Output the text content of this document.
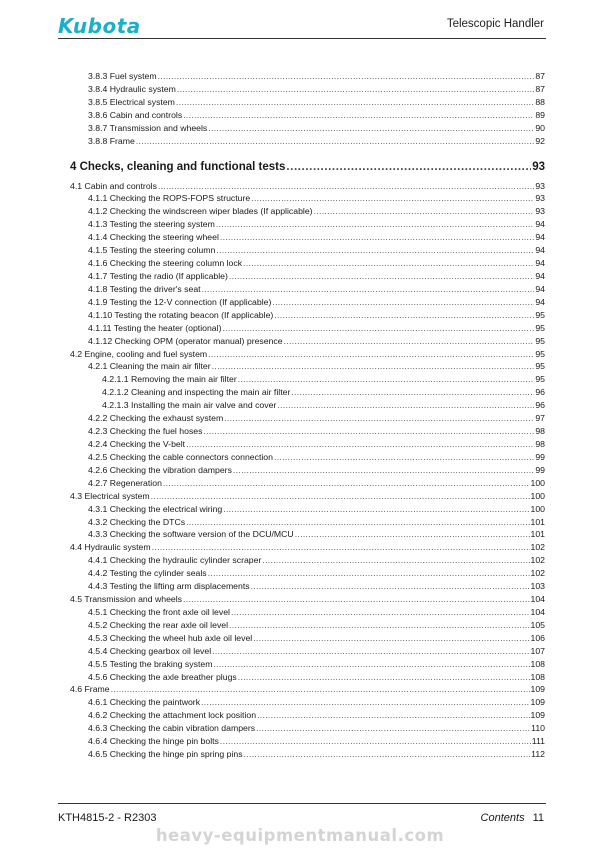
Kubota	Telescopic Handler
3.8.3 Fuel system .....	87
3.8.4 Hydraulic system .....	87
3.8.5 Electrical system .....	88
3.8.6 Cabin and controls .....	89
3.8.7 Transmission and wheels .....	90
3.8.8 Frame .....	92
4 Checks, cleaning and functional tests .....	93
4.1 Cabin and controls .....	93
4.1.1 Checking the ROPS-FOPS structure .....	93
4.1.2 Checking the windscreen wiper blades (If applicable) .....	93
4.1.3 Testing the steering system .....	94
4.1.4 Checking the steering wheel .....	94
4.1.5 Testing the steering column .....	94
4.1.6 Checking the steering column lock .....	94
4.1.7 Testing the radio (If applicable) .....	94
4.1.8 Testing the driver's seat .....	94
4.1.9 Testing the 12-V connection (If applicable) .....	94
4.1.10 Testing the rotating beacon (If applicable) .....	95
4.1.11 Testing the heater (optional) .....	95
4.1.12 Checking OPM (operator manual) presence .....	95
4.2 Engine, cooling and fuel system .....	95
4.2.1 Cleaning the main air filter .....	95
4.2.1.1 Removing the main air filter .....	95
4.2.1.2 Cleaning and inspecting the main air filter .....	96
4.2.1.3 Installing the main air valve and cover .....	96
4.2.2 Checking the exhaust system .....	97
4.2.3 Checking the fuel hoses .....	98
4.2.4 Checking the V-belt .....	98
4.2.5 Checking the cable connectors connection .....	99
4.2.6 Checking the vibration dampers .....	99
4.2.7 Regeneration .....	100
4.3 Electrical system .....	100
4.3.1 Checking the electrical wiring .....	100
4.3.2 Checking the DTCs .....	101
4.3.3 Checking the software version of the DCU/MCU .....	101
4.4 Hydraulic system .....	102
4.4.1 Checking the hydraulic cylinder scraper .....	102
4.4.2 Testing the cylinder seals .....	102
4.4.3 Testing the lifting arm displacements .....	103
4.5 Transmission and wheels .....	104
4.5.1 Checking the front axle oil level .....	104
4.5.2 Checking the rear axle oil level .....	105
4.5.3 Checking the wheel hub axle oil level .....	106
4.5.4 Checking gearbox oil level .....	107
4.5.5 Testing the braking system .....	108
4.5.6 Checking the axle breather plugs .....	108
4.6 Frame .....	109
4.6.1 Checking the paintwork .....	109
4.6.2 Checking the attachment lock position .....	109
4.6.3 Checking the cabin vibration dampers .....	110
4.6.4 Checking the hinge pin bolts .....	111
4.6.5 Checking the hinge pin spring pins .....	112
KTH4815-2 - R2303	Contents 11
heavy-equipmentmanual.com
